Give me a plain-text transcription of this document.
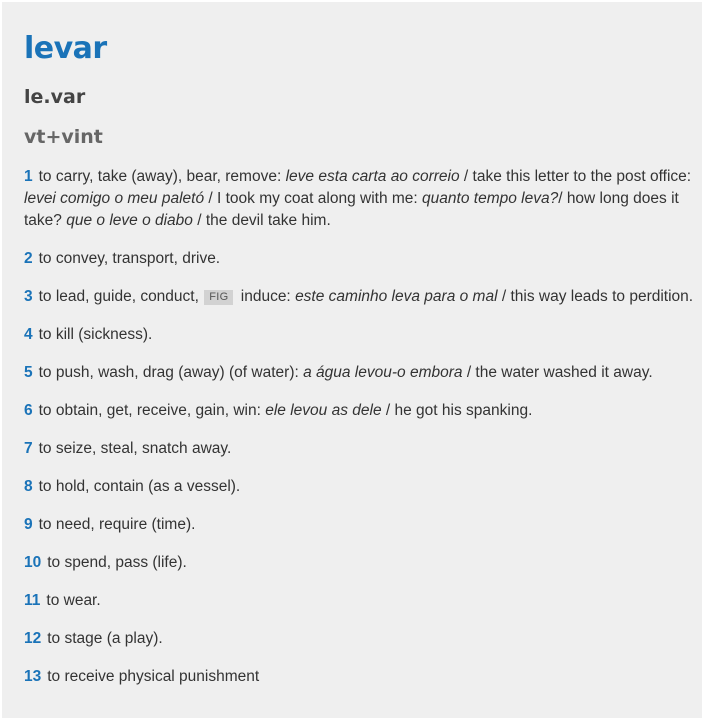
levar
le.var
vt+vint
1 to carry, take (away), bear, remove: leve esta carta ao correio / take this letter to the post office: levei comigo o meu paletó / I took my coat along with me: quanto tempo leva?/ how long does it take? que o leve o diabo / the devil take him.
2 to convey, transport, drive.
3 to lead, guide, conduct, FIG induce: este caminho leva para o mal / this way leads to perdition.
4 to kill (sickness).
5 to push, wash, drag (away) (of water): a água levou-o embora / the water washed it away.
6 to obtain, get, receive, gain, win: ele levou as dele / he got his spanking.
7 to seize, steal, snatch away.
8 to hold, contain (as a vessel).
9 to need, require (time).
10 to spend, pass (life).
11 to wear.
12 to stage (a play).
13 to receive physical punishment
